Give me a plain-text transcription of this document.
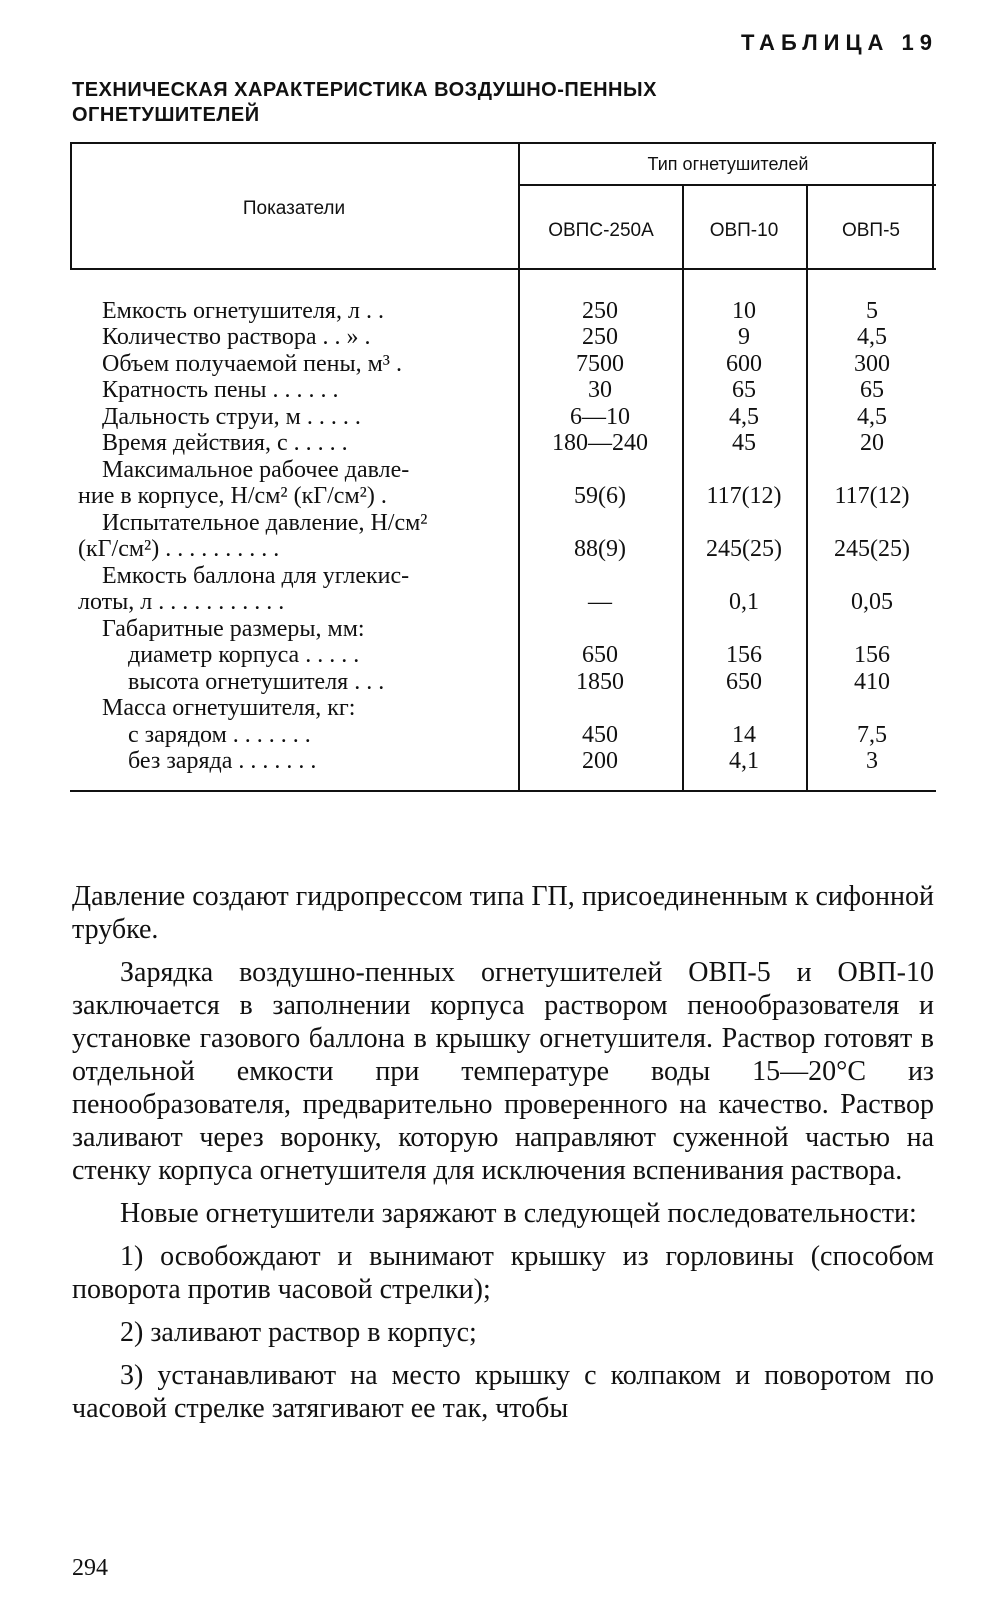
ТАБЛИЦА 19
ТЕХНИЧЕСКАЯ ХАРАКТЕРИСТИКА ВОЗДУШНО-ПЕННЫХ ОГНЕТУШИТЕЛЕЙ
Показатели
Тип огнетушителей
ОВПС-250А	ОВП-10	ОВП-5
Емкость огнетушителя, л . .	250	10	5
Количество раствора . . » .	250	9	4,5
Объем получаемой пены, м³ .	7500	600	300
Кратность пены . . . . . .	30	65	65
Дальность струи, м . . . . .	6—10	4,5	4,5
Время действия, с . . . . .	180—240	45	20
Максимальное рабочее давле-
ние в корпусе, Н/см² (кГ/см²) .	59(6)	117(12)	117(12)
Испытательное давление, Н/см²
(кГ/см²) . . . . . . . . . .	88(9)	245(25)	245(25)
Емкость баллона для углекис-
лоты, л . . . . . . . . . . .	—	0,1	0,05
Габаритные размеры, мм:
диаметр корпуса . . . . .	650	156	156
высота огнетушителя . . .	1850	650	410
Масса огнетушителя, кг:
с зарядом . . . . . . .	450	14	7,5
без заряда . . . . . . .	200	4,1	3

Давление создают гидропрессом типа ГП, присоединенным к сифонной трубке.

Зарядка воздушно-пенных огнетушителей ОВП-5 и ОВП-10 заключается в заполнении корпуса раствором пенообразователя и установке газового баллона в крышку огнетушителя. Раствор готовят в отдельной емкости при температуре воды 15—20°С из пенообразователя, предварительно проверенного на качество. Раствор заливают через воронку, которую направляют суженной частью на стенку корпуса огнетушителя для исключения вспенивания раствора.

Новые огнетушители заряжают в следующей последовательности:

1) освобождают и вынимают крышку из горловины (способом поворота против часовой стрелки);

2) заливают раствор в корпус;

3) устанавливают на место крышку с колпаком и поворотом по часовой стрелке затягивают ее так, чтобы

294
